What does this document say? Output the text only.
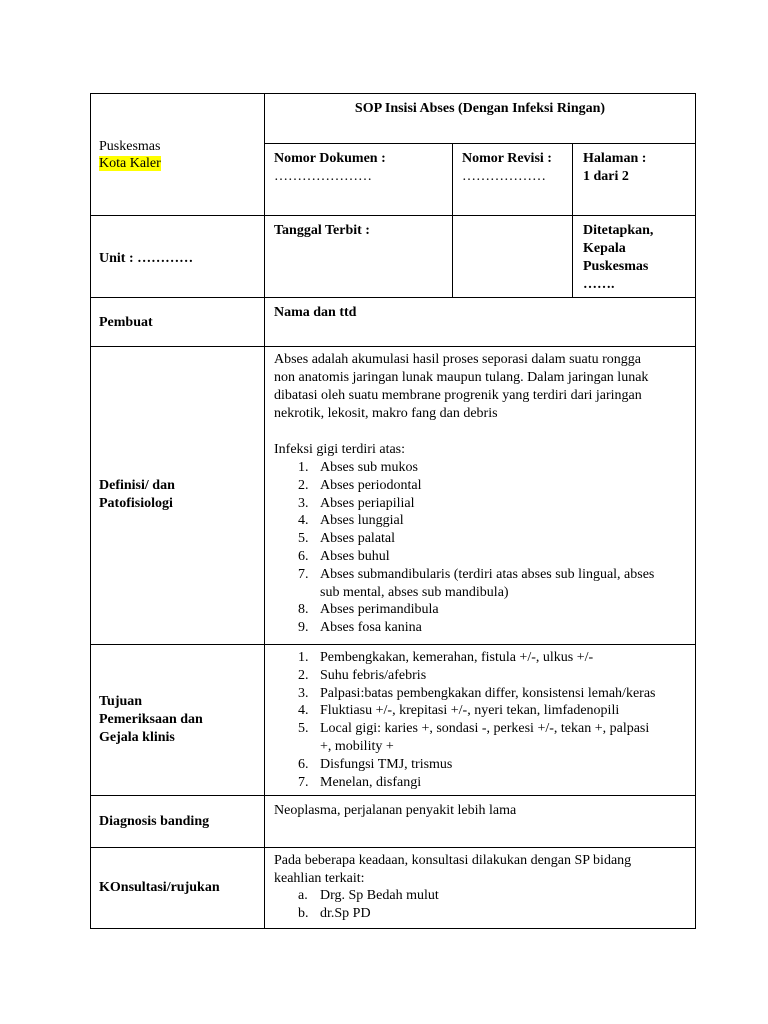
Puskesmas
Kota Kaler
SOP Insisi Abses (Dengan Infeksi Ringan)
Nomor Dokumen :
…………………
Nomor Revisi :
………………
Halaman :
1 dari 2
Unit : …………
Tanggal Terbit :	Ditetapkan,
Kepala
Puskesmas
…….
Pembuat
Nama dan ttd
Definisi/ dan
Patofisiologi
Abses adalah akumulasi hasil proses seporasi dalam suatu rongga
non anatomis jaringan lunak maupun tulang. Dalam jaringan lunak
dibatasi oleh suatu membrane progrenik yang terdiri dari jaringan
nekrotik, lekosit, makro fang dan debris
Infeksi gigi terdiri atas:
1. Abses sub mukos
2. Abses periodontal
3. Abses periapilial
4. Abses lunggial
5. Abses palatal
6. Abses buhul
7. Abses submandibularis (terdiri atas abses sub lingual, abses
sub mental, abses sub mandibula)
8. Abses perimandibula
9. Abses fosa kanina
Tujuan
Pemeriksaan dan
Gejala klinis
1. Pembengkakan, kemerahan, fistula +/-, ulkus +/-
2. Suhu febris/afebris
3. Palpasi:batas pembengkakan differ, konsistensi lemah/keras
4. Fluktiasu +/-, krepitasi +/-, nyeri tekan, limfadenopili
5. Local gigi: karies +, sondasi -, perkesi +/-, tekan +, palpasi
+, mobility +
6. Disfungsi TMJ, trismus
7. Menelan, disfangi
Diagnosis banding
Neoplasma, perjalanan penyakit lebih lama
KOnsultasi/rujukan
Pada beberapa keadaan, konsultasi dilakukan dengan SP bidang
keahlian terkait:
a. Drg. Sp Bedah mulut
b. dr.Sp PD
